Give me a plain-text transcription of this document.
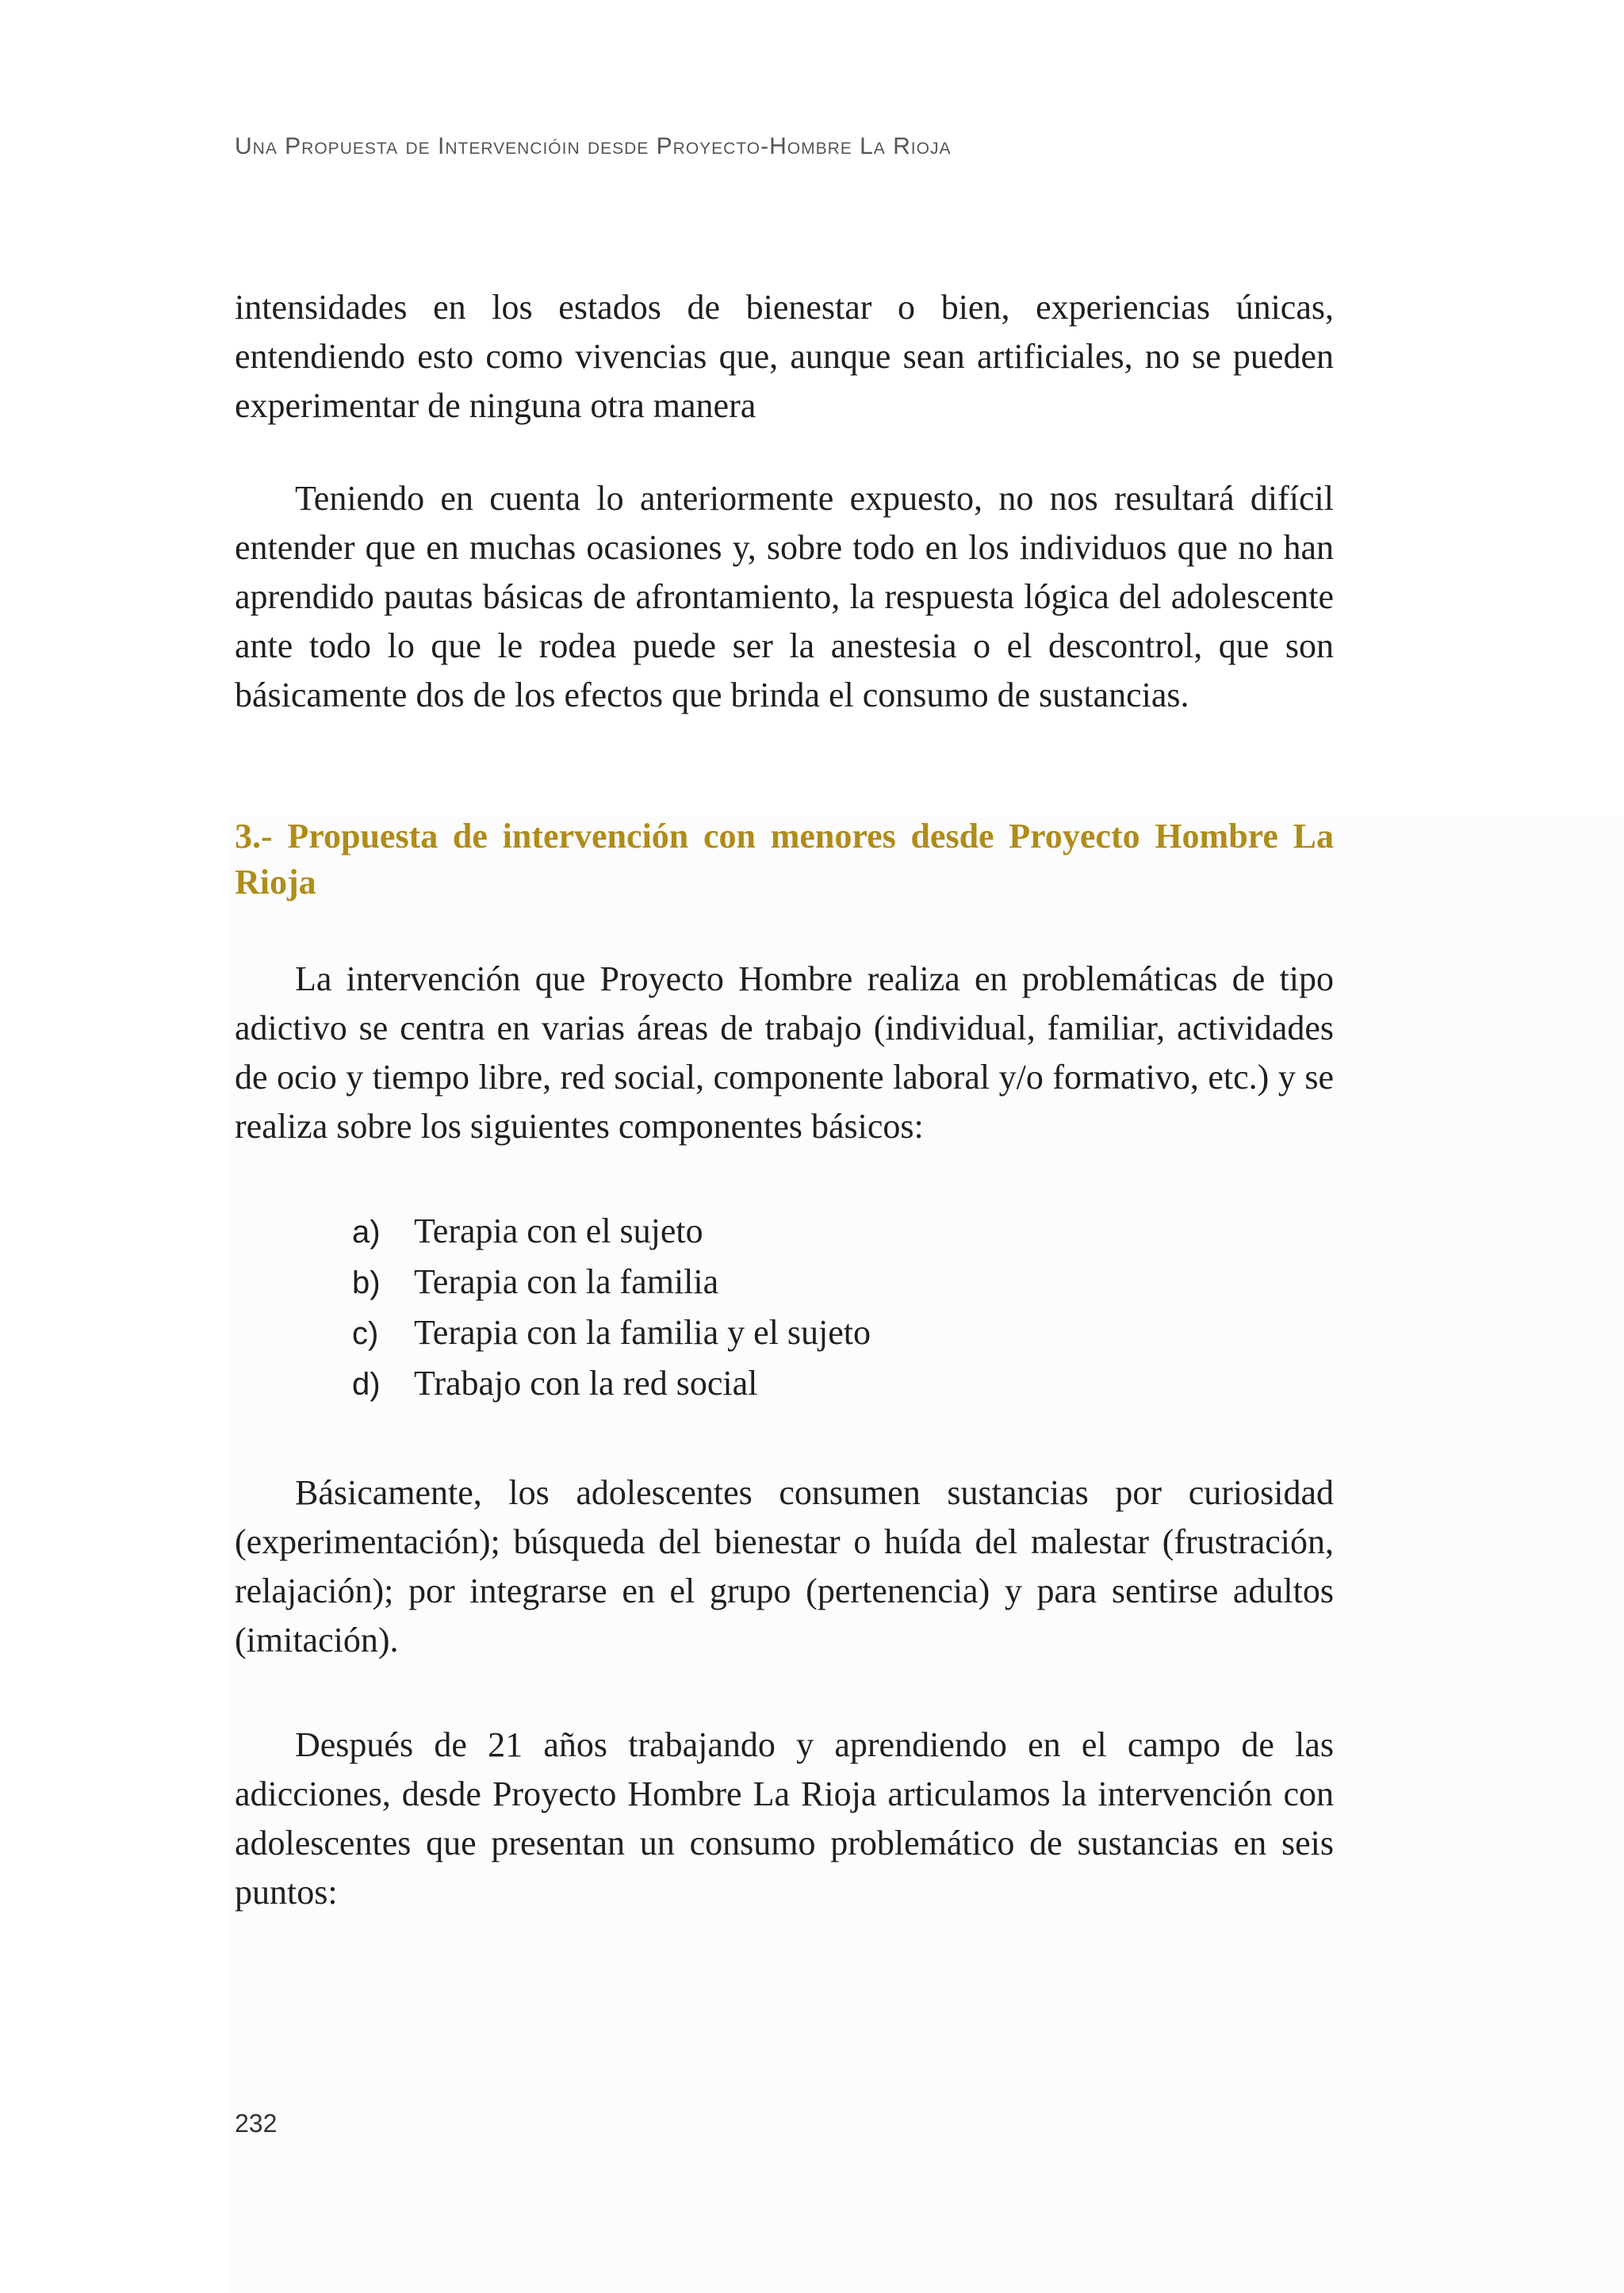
Una Propuesta de Intervencióin desde Proyecto-Hombre La Rioja

intensidades en los estados de bienestar o bien, experiencias únicas, entendiendo esto como vivencias que, aunque sean artificiales, no se pueden experimentar de ninguna otra manera

Teniendo en cuenta lo anteriormente expuesto, no nos resultará difícil entender que en muchas ocasiones y, sobre todo en los individuos que no han aprendido pautas básicas de afrontamiento, la respuesta lógica del adolescente ante todo lo que le rodea puede ser la anestesia o el descontrol, que son básicamente dos de los efectos que brinda el consumo de sustancias.

3.- Propuesta de intervención con menores desde Proyecto Hombre La Rioja

La intervención que Proyecto Hombre realiza en problemáticas de tipo adictivo se centra en varias áreas de trabajo (individual, familiar, actividades de ocio y tiempo libre, red social, componente laboral y/o formativo, etc.) y se realiza sobre los siguientes componentes básicos:

a) Terapia con el sujeto
b) Terapia con la familia
c) Terapia con la familia y el sujeto
d) Trabajo con la red social

Básicamente, los adolescentes consumen sustancias por curiosidad (experimentación); búsqueda del bienestar o huída del malestar (frustración, relajación); por integrarse en el grupo (pertenencia) y para sentirse adultos (imitación).

Después de 21 años trabajando y aprendiendo en el campo de las adicciones, desde Proyecto Hombre La Rioja articulamos la intervención con adolescentes que presentan un consumo problemático de sustancias en seis puntos:

232
